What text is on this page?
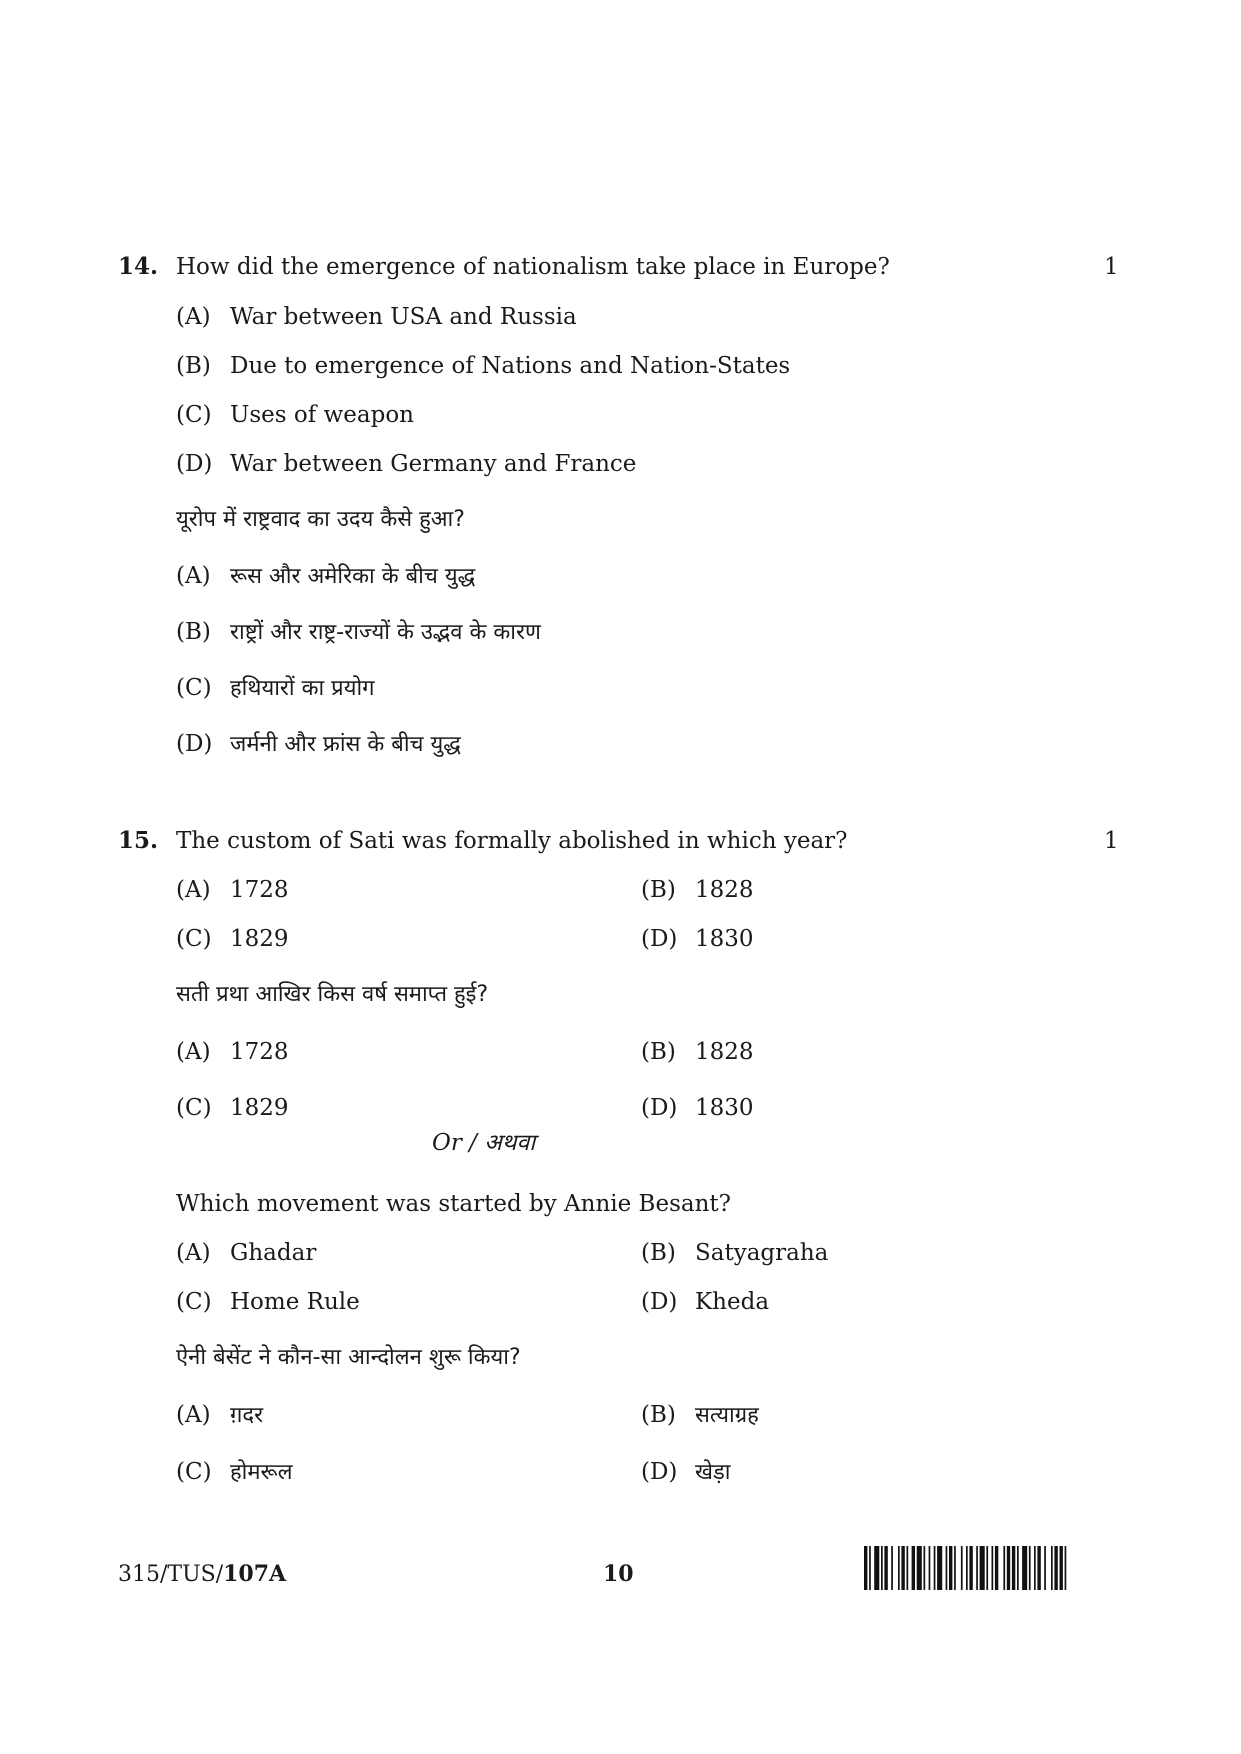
14. How did the emergence of nationalism take place in Europe?	1
(A) War between USA and Russia
(B) Due to emergence of Nations and Nation-States
(C) Uses of weapon
(D) War between Germany and France
यूरोप में राष्ट्रवाद का उदय कैसे हुआ?
(A) रूस और अमेरिका के बीच युद्ध
(B) राष्ट्रों और राष्ट्र-राज्यों के उद्भव के कारण
(C) हथियारों का प्रयोग
(D) जर्मनी और फ्रांस के बीच युद्ध
15. The custom of Sati was formally abolished in which year?	1
(A) 1728	(B) 1828
(C) 1829	(D) 1830
सती प्रथा आखिर किस वर्ष समाप्त हुई?
(A) 1728	(B) 1828
(C) 1829	(D) 1830
Or / अथवा
Which movement was started by Annie Besant?
(A) Ghadar	(B) Satyagraha
(C) Home Rule	(D) Kheda
ऐनी बेसेंट ने कौन-सा आन्दोलन शुरू किया?
(A) ग़दर	(B) सत्याग्रह
(C) होमरूल	(D) खेड़ा
315/TUS/107A	10
